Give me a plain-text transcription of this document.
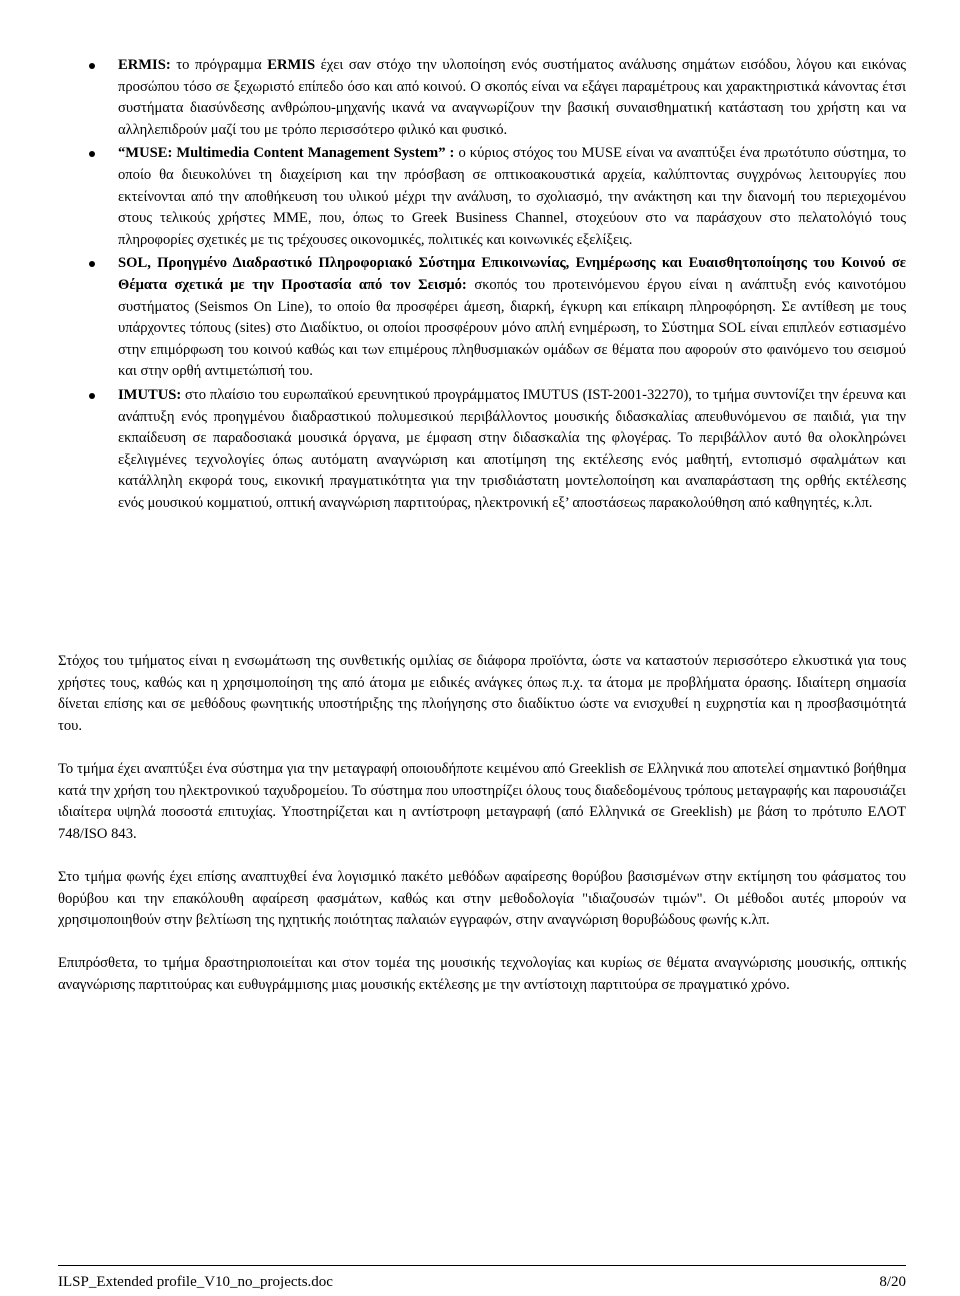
ERMIS: το πρόγραμμα ERMIS έχει σαν στόχο την υλοποίηση ενός συστήματος ανάλυσης σημάτων εισόδου, λόγου και εικόνας προσώπου τόσο σε ξεχωριστό επίπεδο όσο και από κοινού. Ο σκοπός είναι να εξάγει παραμέτρους και χαρακτηριστικά κάνοντας έτσι συστήματα διασύνδεσης ανθρώπου-μηχανής ικανά να αναγνωρίζουν την βασική συναισθηματική κατάσταση του χρήστη και να αλληλεπιδρούν μαζί του με τρόπο περισσότερο φιλικό και φυσικό.
“MUSE: Multimedia Content Management System” : ο κύριος στόχος του MUSE είναι να αναπτύξει ένα πρωτότυπο σύστημα, το οποίο θα διευκολύνει τη διαχείριση και την πρόσβαση σε οπτικοακουστικά αρχεία, καλύπτοντας συγχρόνως λειτουργίες που εκτείνονται από την αποθήκευση του υλικού μέχρι την ανάλυση, το σχολιασμό, την ανάκτηση και την διανομή του περιεχομένου στους τελικούς χρήστες ΜΜΕ, που, όπως το Greek Business Channel, στοχεύουν στο να παράσχουν στο πελατολόγιό τους πληροφορίες σχετικές με τις τρέχουσες οικονομικές, πολιτικές και κοινωνικές εξελίξεις.
SOL, Προηγμένο Διαδραστικό Πληροφοριακό Σύστημα Επικοινωνίας, Ενημέρωσης και Ευαισθητοποίησης του Κοινού σε Θέματα σχετικά με την Προστασία από τον Σεισμό: σκοπός του προτεινόμενου έργου είναι η ανάπτυξη ενός καινοτόμου συστήματος (Seismos On Line), το οποίο θα προσφέρει άμεση, διαρκή, έγκυρη και επίκαιρη πληροφόρηση. Σε αντίθεση με τους υπάρχοντες τόπους (sites) στο Διαδίκτυο, οι οποίοι προσφέρουν μόνο απλή ενημέρωση, το Σύστημα SOL είναι επιπλεόν εστιασμένο στην επιμόρφωση του κοινού καθώς και των επιμέρους πληθυσμιακών ομάδων σε θέματα που αφορούν στο φαινόμενο του σεισμού και στην ορθή αντιμετώπισή του.
IMUTUS: στο πλαίσιο του ευρωπαϊκού ερευνητικού προγράμματος IMUTUS (IST-2001-32270), το τμήμα συντονίζει την έρευνα και ανάπτυξη ενός προηγμένου διαδραστικού πολυμεσικού περιβάλλοντος μουσικής διδασκαλίας απευθυνόμενου σε παιδιά, για την εκπαίδευση σε παραδοσιακά μουσικά όργανα, με έμφαση στην διδασκαλία της φλογέρας. Το περιβάλλον αυτό θα ολοκληρώνει εξελιγμένες τεχνολογίες όπως αυτόματη αναγνώριση και αποτίμηση της εκτέλεσης ενός μαθητή, εντοπισμό σφαλμάτων και κατάλληλη εκφορά τους, εικονική πραγματικότητα για την τρισδιάστατη μοντελοποίηση και αναπαράσταση της ορθής εκτέλεσης ενός μουσικού κομματιού, οπτική αναγνώριση παρτιτούρας, ηλεκτρονική εξ’ αποστάσεως παρακολούθηση από καθηγητές, κ.λπ.

Στόχος του τμήματος είναι η ενσωμάτωση της συνθετικής ομιλίας σε διάφορα προϊόντα, ώστε να καταστούν περισσότερο ελκυστικά για τους χρήστες τους, καθώς και η χρησιμοποίηση της από άτομα με ειδικές ανάγκες όπως π.χ. τα άτομα με προβλήματα όρασης. Ιδιαίτερη σημασία δίνεται επίσης και σε μεθόδους φωνητικής υποστήριξης της πλοήγησης στο διαδίκτυο ώστε να ενισχυθεί η ευχρηστία και η προσβασιμότητά του.

Το τμήμα έχει αναπτύξει ένα σύστημα για την μεταγραφή οποιουδήποτε κειμένου από Greeklish σε Ελληνικά που αποτελεί σημαντικό βοήθημα κατά την χρήση του ηλεκτρονικού ταχυδρομείου. Το σύστημα που υποστηρίζει όλους τους διαδεδομένους τρόπους μεταγραφής και παρουσιάζει ιδιαίτερα υψηλά ποσοστά επιτυχίας. Υποστηρίζεται και η αντίστροφη μεταγραφή (από Ελληνικά σε Greeklish) με βάση το πρότυπο ΕΛΟΤ 748/ISO 843.

Στο τμήμα φωνής έχει επίσης αναπτυχθεί ένα λογισμικό πακέτο μεθόδων αφαίρεσης θορύβου βασισμένων στην εκτίμηση του φάσματος του θορύβου και την επακόλουθη αφαίρεση φασμάτων, καθώς και στην μεθοδολογία "ιδιαζουσών τιμών". Οι μέθοδοι αυτές μπορούν να χρησιμοποιηθούν στην βελτίωση της ηχητικής ποιότητας παλαιών εγγραφών, στην αναγνώριση θορυβώδους φωνής κ.λπ.

Επιπρόσθετα, το τμήμα δραστηριοποιείται και στον τομέα της μουσικής τεχνολογίας και κυρίως σε θέματα αναγνώρισης μουσικής, οπτικής αναγνώρισης παρτιτούρας και ευθυγράμμισης μιας μουσικής εκτέλεσης με την αντίστοιχη παρτιτούρα σε πραγματικό χρόνο.

ILSP_Extended profile_V10_no_projects.doc	8/20
